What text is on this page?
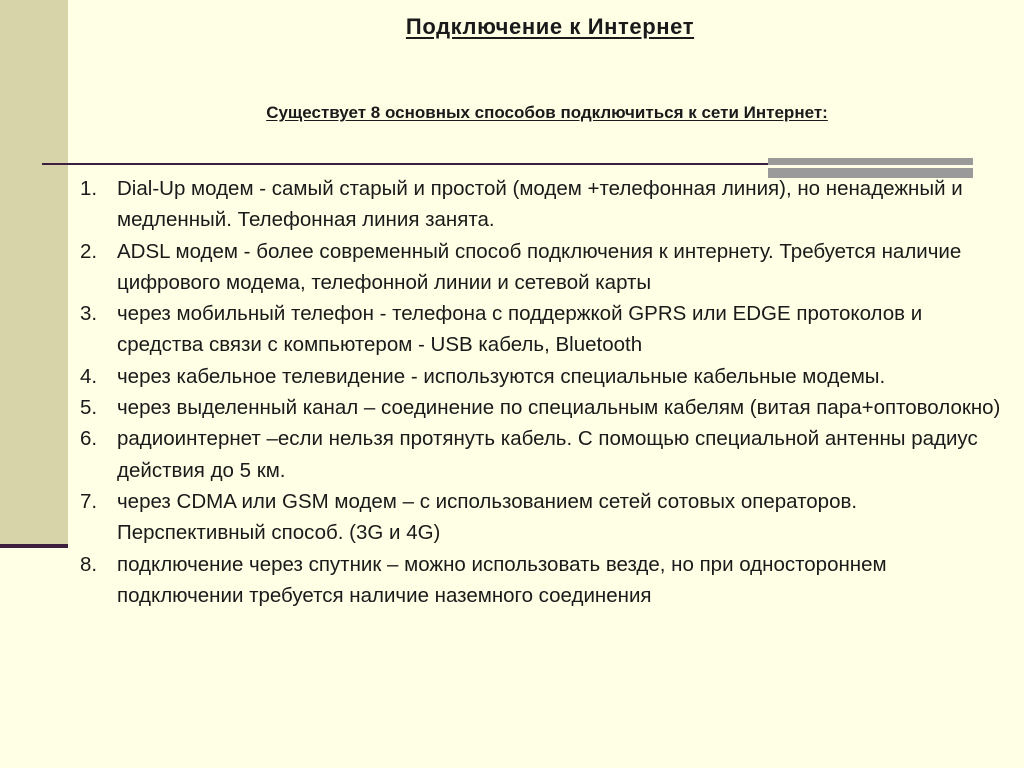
Подключение к Интернет
Существует 8 основных способов подключиться к сети Интернет:
1. Dial-Up модем - самый старый и простой (модем +телефонная линия), но ненадежный и медленный. Телефонная линия занята.
2. ADSL модем - более современный способ подключения к интернету. Требуется наличие цифрового модема, телефонной линии и сетевой карты
3. через мобильный телефон - телефона с поддержкой GPRS или EDGE протоколов и средства связи с компьютером - USB кабель, Bluetooth
4. через кабельное телевидение - используются специальные кабельные модемы.
5. через выделенный канал – соединение по специальным кабелям (витая пара+оптоволокно)
6. радиоинтернет –если нельзя протянуть кабель. С помощью специальной антенны радиус действия до 5 км.
7. через CDMA или GSM модем – с использованием сетей сотовых операторов. Перспективный способ. (3G и 4G)
8. подключение через спутник – можно использовать везде, но при одностороннем подключении требуется наличие наземного соединения
